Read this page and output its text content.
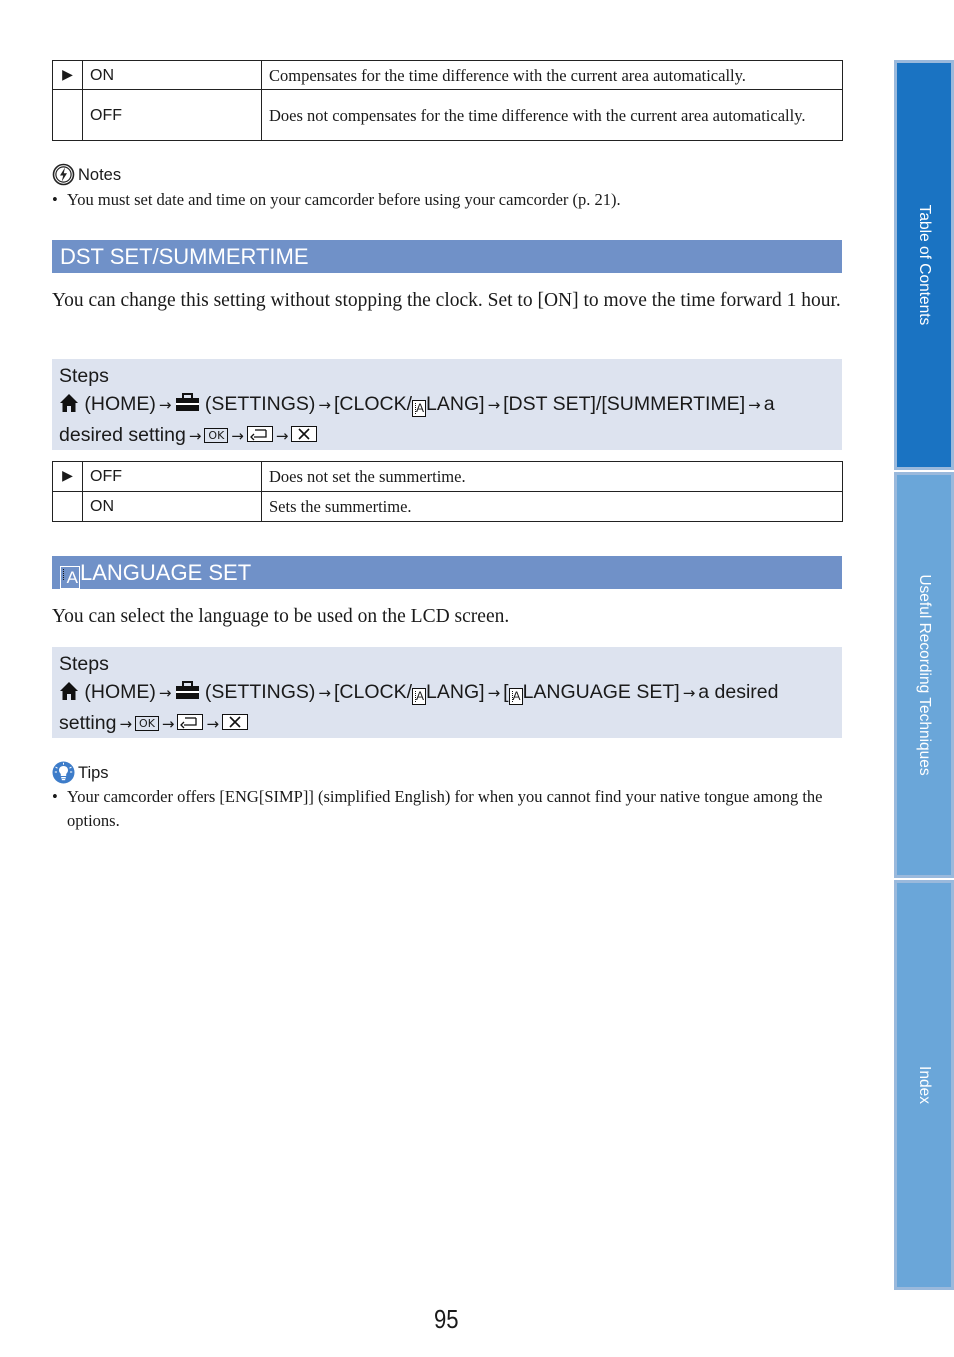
▶	ON	Compensates for the time difference with the current area automatically.
	OFF	Does not compensates for the time difference with the current area automatically.
Notes
• You must set date and time on your camcorder before using your camcorder (p. 21).
DST SET/SUMMERTIME
You can change this setting without stopping the clock. Set to [ON] to move the time forward 1 hour.
Steps
(HOME) → (SETTINGS) → [CLOCK/ A LANG] → [DST SET]/[SUMMERTIME] → a desired setting → OK → →
▶	OFF	Does not set the summertime.
	ON	Sets the summertime.
ALANGUAGE SET
You can select the language to be used on the LCD screen.
Steps
(HOME) → (SETTINGS) → [CLOCK/ A LANG] → [ A LANGUAGE SET] → a desired
setting → OK → →
Tips
• Your camcorder offers [ENG[SIMP]] (simplified English) for when you cannot find your native tongue among the options.
Table of Contents
Useful Recording Techniques
Index
95
